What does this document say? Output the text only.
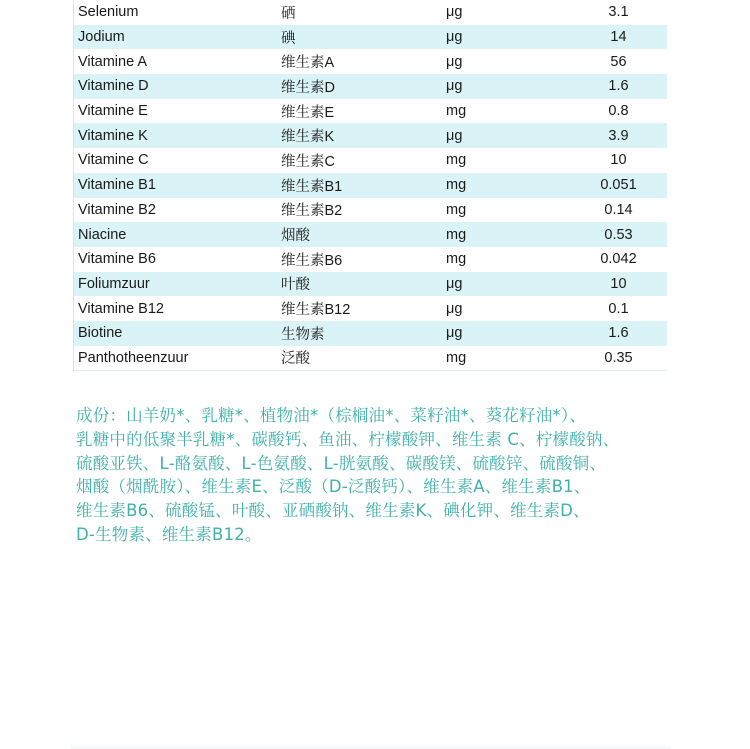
Selenium	硒	μg	3.1
Jodium	碘	μg	14
Vitamine A	维生素A	μg	56
Vitamine D	维生素D	μg	1.6
Vitamine E	维生素E	mg	0.8
Vitamine K	维生素K	μg	3.9
Vitamine C	维生素C	mg	10
Vitamine B1	维生素B1	mg	0.051
Vitamine B2	维生素B2	mg	0.14
Niacine	烟酸	mg	0.53
Vitamine B6	维生素B6	mg	0.042
Foliumzuur	叶酸	μg	10
Vitamine B12	维生素B12	μg	0.1
Biotine	生物素	μg	1.6
Panthotheenzuur	泛酸	mg	0.35
成份：山羊奶*、乳糖*、植物油*（棕榈油*、菜籽油*、葵花籽油*）、
乳糖中的低聚半乳糖*、碳酸钙、鱼油、柠檬酸钾、维生素 C、柠檬酸钠、
硫酸亚铁、L-酪氨酸、L-色氨酸、L-胱氨酸、碳酸镁、硫酸锌、硫酸铜、
烟酸（烟酰胺）、维生素E、泛酸（D-泛酸钙）、维生素A、维生素B1、
维生素B6、硫酸锰、叶酸、亚硒酸钠、维生素K、碘化钾、维生素D、
D-生物素、维生素B12。
